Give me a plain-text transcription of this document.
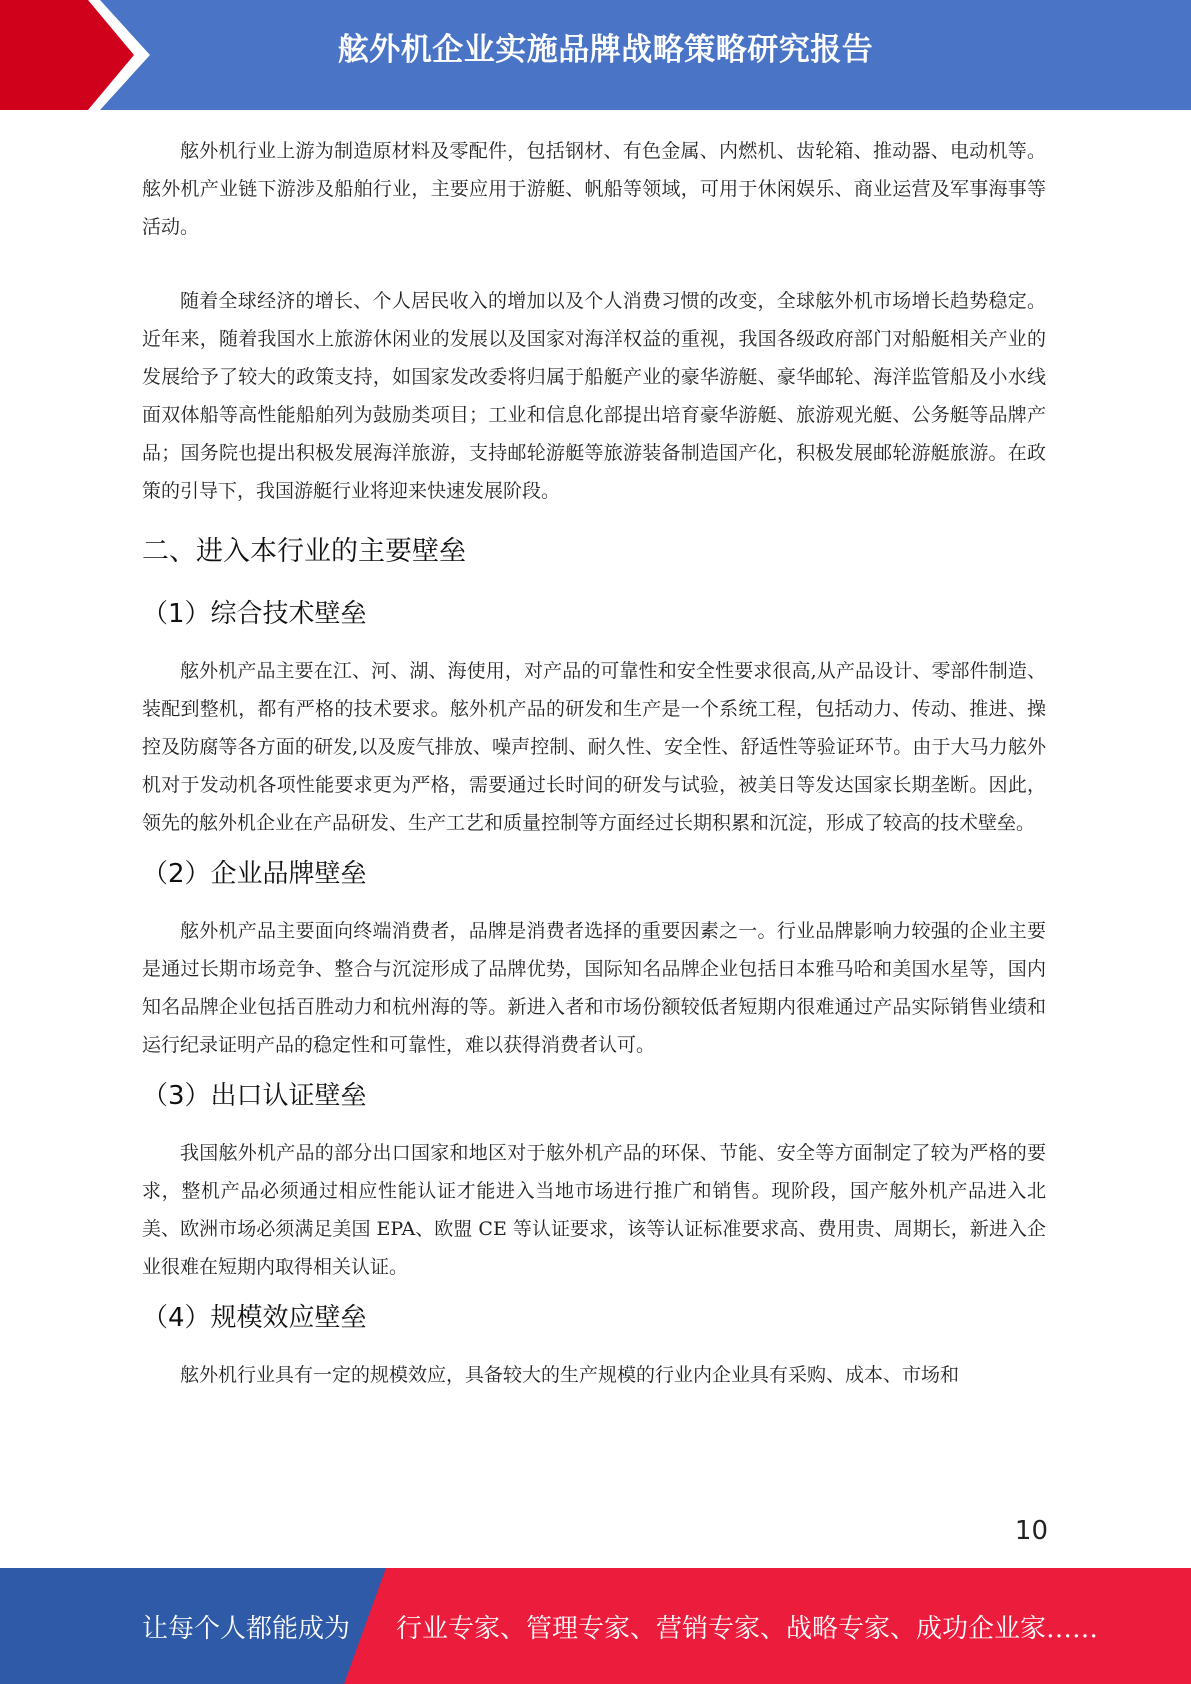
舷外机企业实施品牌战略策略研究报告

舷外机行业上游为制造原材料及零配件，包括钢材、有色金属、内燃机、齿轮箱、推动器、电动机等。舷外机产业链下游涉及船舶行业，主要应用于游艇、帆船等领域，可用于休闲娱乐、商业运营及军事海事等活动。

随着全球经济的增长、个人居民收入的增加以及个人消费习惯的改变，全球舷外机市场增长趋势稳定。近年来，随着我国水上旅游休闲业的发展以及国家对海洋权益的重视，我国各级政府部门对船艇相关产业的发展给予了较大的政策支持，如国家发改委将归属于船艇产业的豪华游艇、豪华邮轮、海洋监管船及小水线面双体船等高性能船舶列为鼓励类项目；工业和信息化部提出培育豪华游艇、旅游观光艇、公务艇等品牌产品；国务院也提出积极发展海洋旅游，支持邮轮游艇等旅游装备制造国产化，积极发展邮轮游艇旅游。在政策的引导下，我国游艇行业将迎来快速发展阶段。

二、进入本行业的主要壁垒
（1）综合技术壁垒

舷外机产品主要在江、河、湖、海使用，对产品的可靠性和安全性要求很高,从产品设计、零部件制造、装配到整机，都有严格的技术要求。舷外机产品的研发和生产是一个系统工程，包括动力、传动、推进、操控及防腐等各方面的研发,以及废气排放、噪声控制、耐久性、安全性、舒适性等验证环节。由于大马力舷外机对于发动机各项性能要求更为严格，需要通过长时间的研发与试验，被美日等发达国家长期垄断。因此，领先的舷外机企业在产品研发、生产工艺和质量控制等方面经过长期积累和沉淀，形成了较高的技术壁垒。

（2）企业品牌壁垒

舷外机产品主要面向终端消费者，品牌是消费者选择的重要因素之一。行业品牌影响力较强的企业主要是通过长期市场竞争、整合与沉淀形成了品牌优势，国际知名品牌企业包括日本雅马哈和美国水星等，国内知名品牌企业包括百胜动力和杭州海的等。新进入者和市场份额较低者短期内很难通过产品实际销售业绩和运行纪录证明产品的稳定性和可靠性，难以获得消费者认可。

（3）出口认证壁垒

我国舷外机产品的部分出口国家和地区对于舷外机产品的环保、节能、安全等方面制定了较为严格的要求，整机产品必须通过相应性能认证才能进入当地市场进行推广和销售。现阶段，国产舷外机产品进入北美、欧洲市场必须满足美国 EPA、欧盟 CE 等认证要求，该等认证标准要求高、费用贵、周期长，新进入企业很难在短期内取得相关认证。

（4）规模效应壁垒

舷外机行业具有一定的规模效应，具备较大的生产规模的行业内企业具有采购、成本、市场和

10
让每个人都能成为 行业专家、管理专家、营销专家、战略专家、成功企业家……
